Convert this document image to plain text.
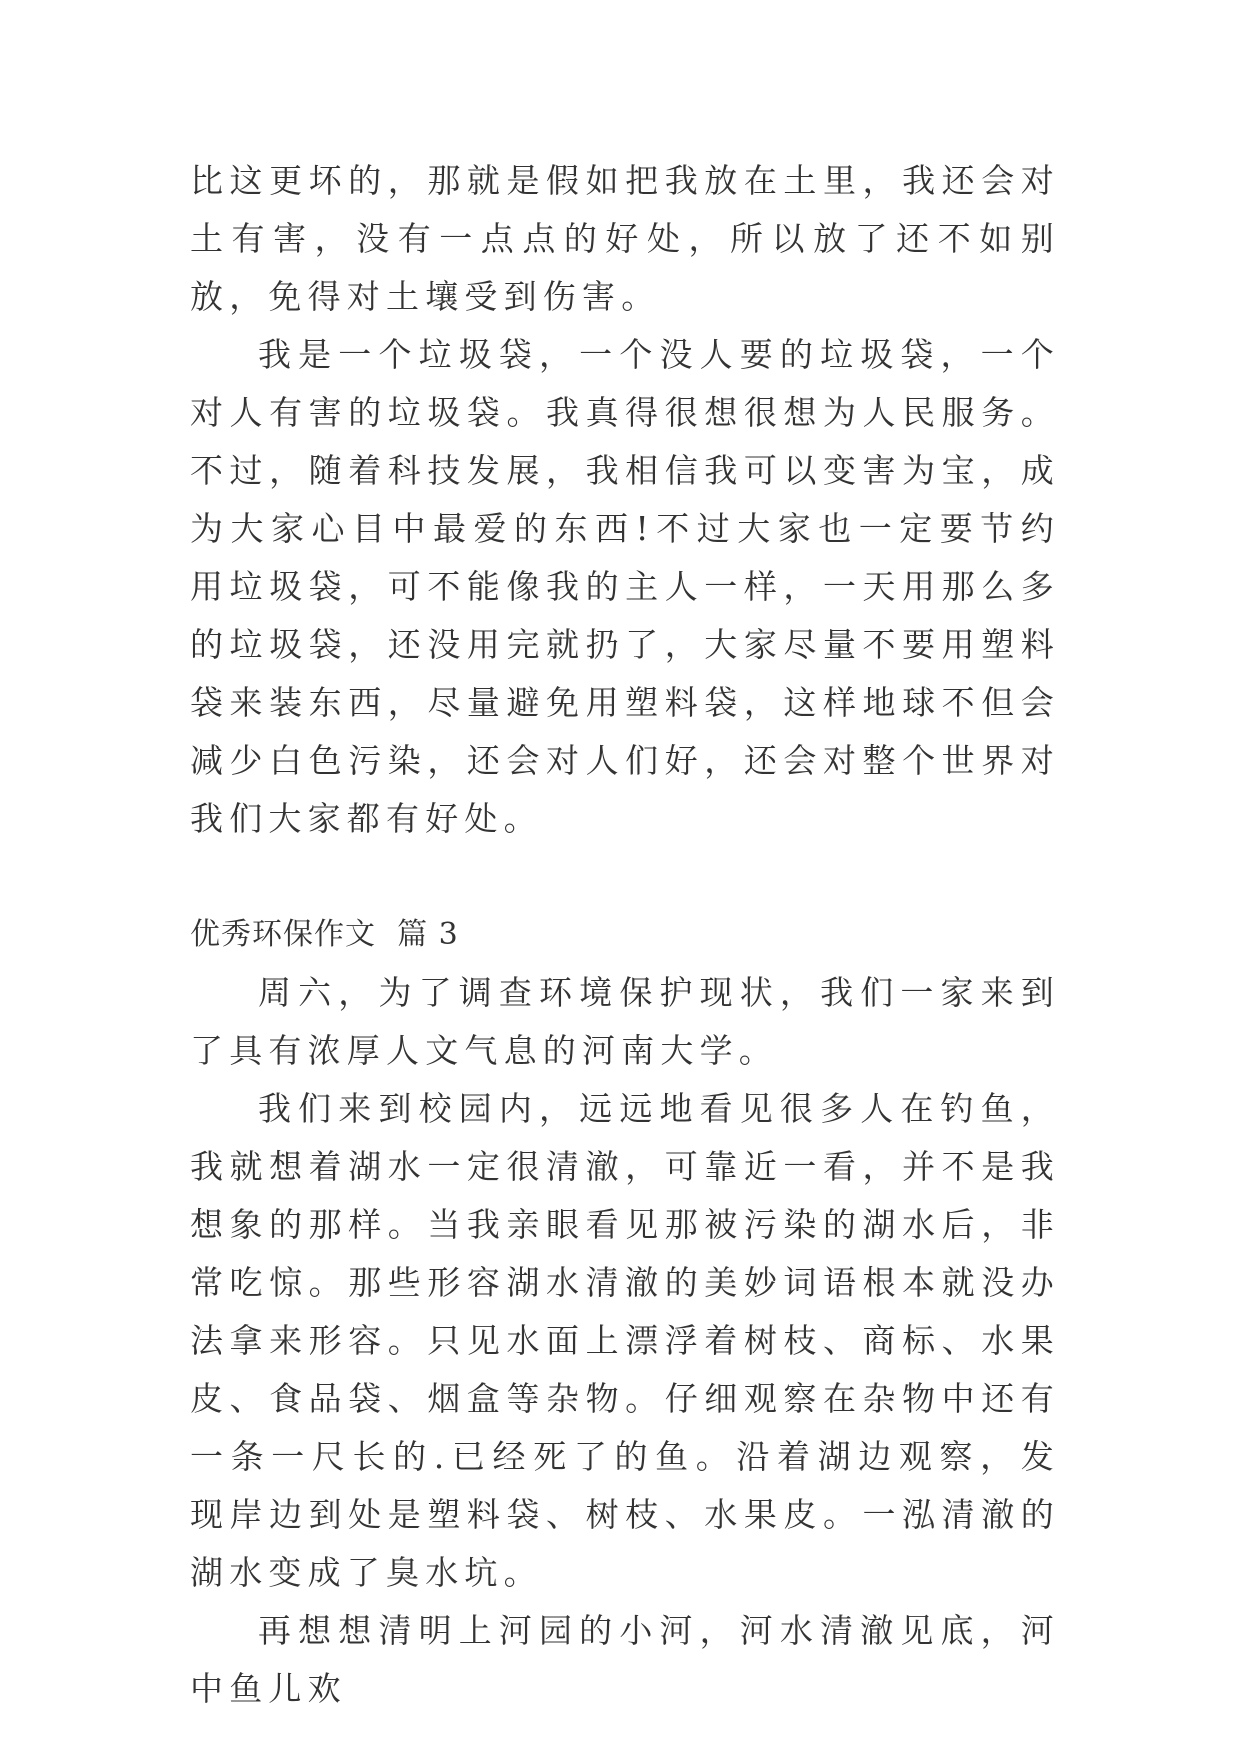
比这更坏的，那就是假如把我放在土里，我还会对土有害，没有一点点的好处，所以放了还不如别放，免得对土壤受到伤害。

我是一个垃圾袋，一个没人要的垃圾袋，一个对人有害的垃圾袋。我真得很想很想为人民服务。不过，随着科技发展，我相信我可以变害为宝，成为大家心目中最爱的东西!不过大家也一定要节约用垃圾袋，可不能像我的主人一样，一天用那么多的垃圾袋，还没用完就扔了，大家尽量不要用塑料袋来装东西，尽量避免用塑料袋，这样地球不但会减少白色污染，还会对人们好，还会对整个世界对我们大家都有好处。

优秀环保作文  篇 3

周六，为了调查环境保护现状，我们一家来到了具有浓厚人文气息的河南大学。

我们来到校园内，远远地看见很多人在钓鱼，我就想着湖水一定很清澈，可靠近一看，并不是我想象的那样。当我亲眼看见那被污染的湖水后，非常吃惊。那些形容湖水清澈的美妙词语根本就没办法拿来形容。只见水面上漂浮着树枝、商标、水果皮、食品袋、烟盒等杂物。仔细观察在杂物中还有一条一尺长的.已经死了的鱼。沿着湖边观察，发现岸边到处是塑料袋、树枝、水果皮。一泓清澈的湖水变成了臭水坑。

再想想清明上河园的小河，河水清澈见底，河中鱼儿欢
